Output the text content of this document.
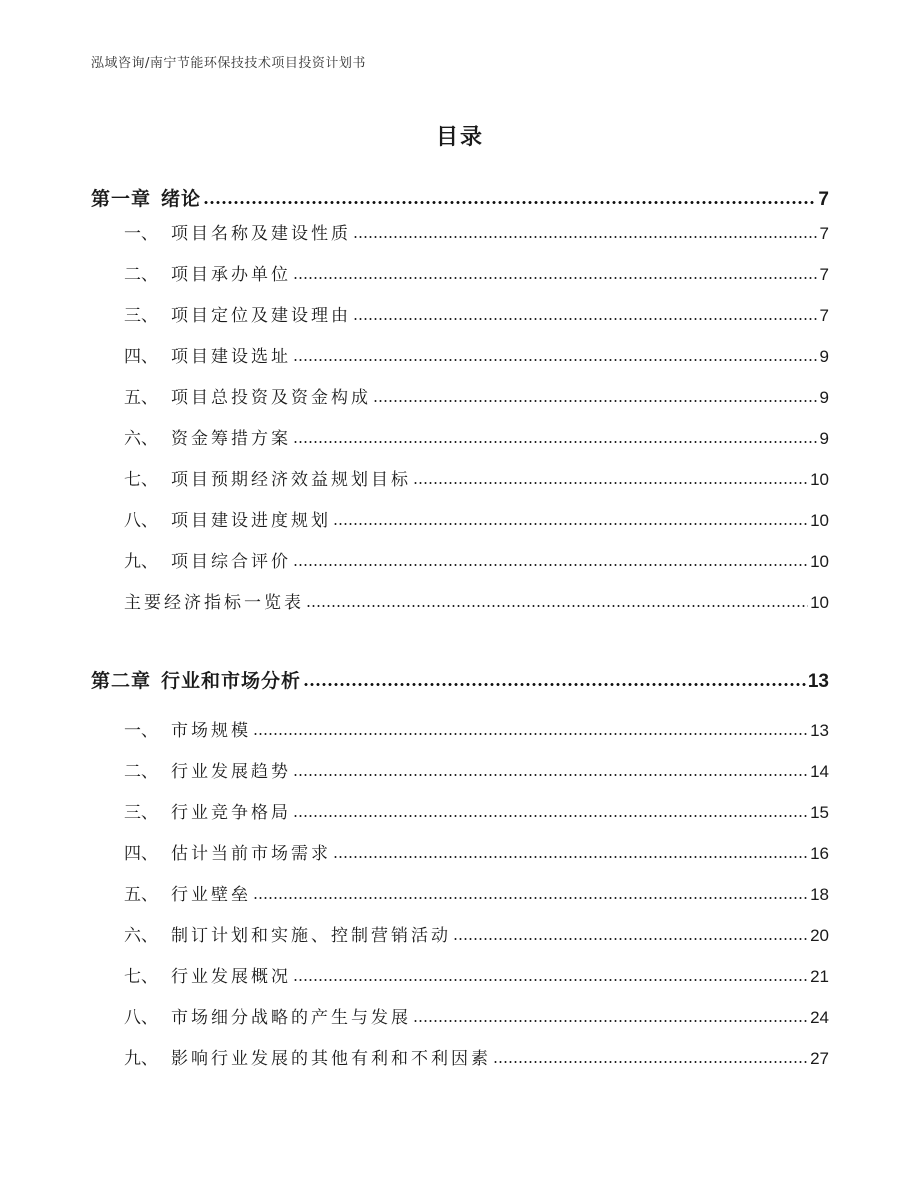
泓域咨询/南宁节能环保技技术项目投资计划书
目录
第一章 绪论	7
一、 项目名称及建设性质	7
二、 项目承办单位	7
三、 项目定位及建设理由	7
四、 项目建设选址	9
五、 项目总投资及资金构成	9
六、 资金筹措方案	9
七、 项目预期经济效益规划目标	10
八、 项目建设进度规划	10
九、 项目综合评价	10
主要经济指标一览表	10
第二章 行业和市场分析	13
一、 市场规模	13
二、 行业发展趋势	14
三、 行业竞争格局	15
四、 估计当前市场需求	16
五、 行业壁垒	18
六、 制订计划和实施、控制营销活动	20
七、 行业发展概况	21
八、 市场细分战略的产生与发展	24
九、 影响行业发展的其他有利和不利因素	27
